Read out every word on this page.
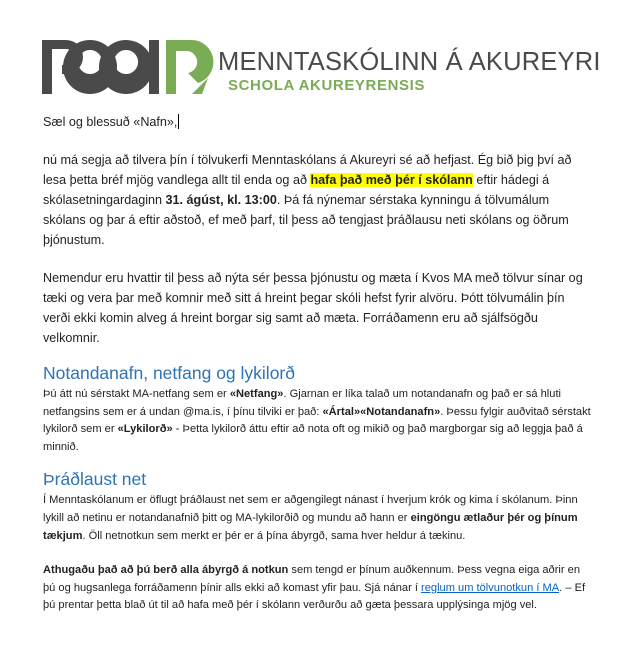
MENNTASKÓLINN Á AKUREYRI
SCHOLA AKUREYRENSIS

Sæl og blessuð «Nafn»,

nú má segja að tilvera þín í tölvukerfi Menntaskólans á Akureyri sé að hefjast. Ég bið þig því að lesa þetta bréf mjög vandlega allt til enda og að hafa það með þér í skólann eftir hádegi á skólasetningardaginn 31. ágúst, kl. 13:00. Þá fá nýnemar sérstaka kynningu á tölvumálum skólans og þar á eftir aðstoð, ef með þarf, til þess að tengjast þráðlausu neti skólans og öðrum þjónustum.

Nemendur eru hvattir til þess að nýta sér þessa þjónustu og mæta í Kvos MA með tölvur sínar og tæki og vera þar með komnir með sitt á hreint þegar skóli hefst fyrir alvöru. Þótt tölvumálin þín verði ekki komin alveg á hreint borgar sig samt að mæta. Forráðamenn eru að sjálfsögðu velkomnir.

Notandanafn, netfang og lykilorð

Þú átt nú sérstakt MA-netfang sem er «Netfang». Gjarnan er líka talað um notandanafn og það er sá hluti netfangsins sem er á undan @ma.is, í þínu tilviki er það: «Ártal»«Notandanafn». Þessu fylgir auðvitað sérstakt lykilorð sem er «Lykilorð» - Þetta lykilorð áttu eftir að nota oft og mikið og það margborgar sig að leggja það á minnið.

Þráðlaust net

Í Menntaskólanum er öflugt þráðlaust net sem er aðgengilegt nánast í hverjum krók og kima í skólanum. Þinn lykill að netinu er notandanafnið þitt og MA-lykilorðið og mundu að hann er eingöngu ætlaður þér og þínum tækjum. Öll netnotkun sem merkt er þér er á þína ábyrgð, sama hver heldur á tækinu.

Athugaðu það að þú berð alla ábyrgð á notkun sem tengd er þínum auðkennum. Þess vegna eiga aðrir en þú og hugsanlega forráðamenn þínir alls ekki að komast yfir þau. Sjá nánar í reglum um tölvunotkun í MA. – Ef þú prentar þetta blað út til að hafa með þér í skólann verðurðu að gæta þessara upplýsinga mjög vel.
